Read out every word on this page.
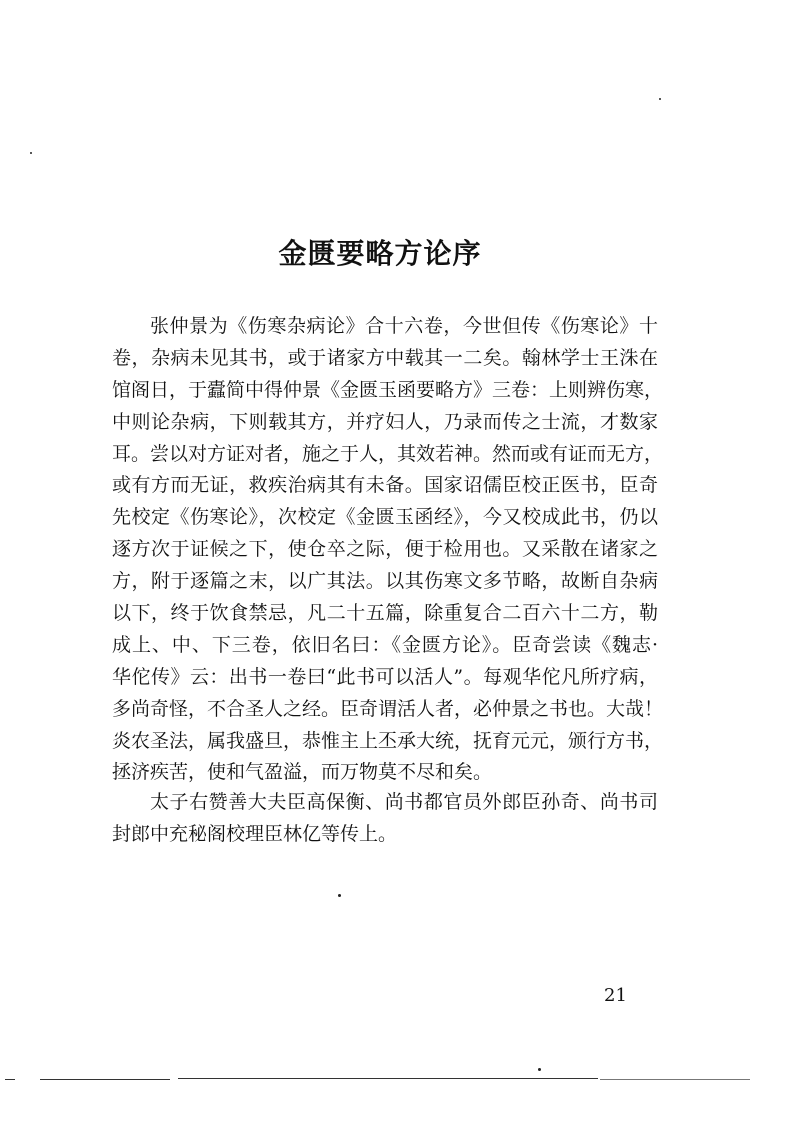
金匮要略方论序
张仲景为《伤寒杂病论》合十六卷，今世但传《伤寒论》十
卷，杂病未见其书，或于诸家方中载其一二矣。翰林学士王洙在
馆阁日，于蠹简中得仲景《金匮玉函要略方》三卷：上则辨伤寒，
中则论杂病，下则载其方，并疗妇人，乃录而传之士流，才数家
耳。尝以对方证对者，施之于人，其效若神。然而或有证而无方，
或有方而无证，救疾治病其有未备。国家诏儒臣校正医书，臣奇
先校定《伤寒论》，次校定《金匮玉函经》，今又校成此书，仍以
逐方次于证候之下，使仓卒之际，便于检用也。又采散在诸家之
方，附于逐篇之末，以广其法。以其伤寒文多节略，故断自杂病
以下，终于饮食禁忌，凡二十五篇，除重复合二百六十二方，勒
成上、中、下三卷，依旧名曰：《金匮方论》。臣奇尝读《魏志·
华佗传》云：出书一卷曰“此书可以活人”。每观华佗凡所疗病，
多尚奇怪，不合圣人之经。臣奇谓活人者，必仲景之书也。大哉！
炎农圣法，属我盛旦，恭惟主上丕承大统，抚育元元，颁行方书，
拯济疾苦，使和气盈溢，而万物莫不尽和矣。
太子右赞善大夫臣高保衡、尚书都官员外郎臣孙奇、尚书司
封郎中充秘阁校理臣林亿等传上。
21
